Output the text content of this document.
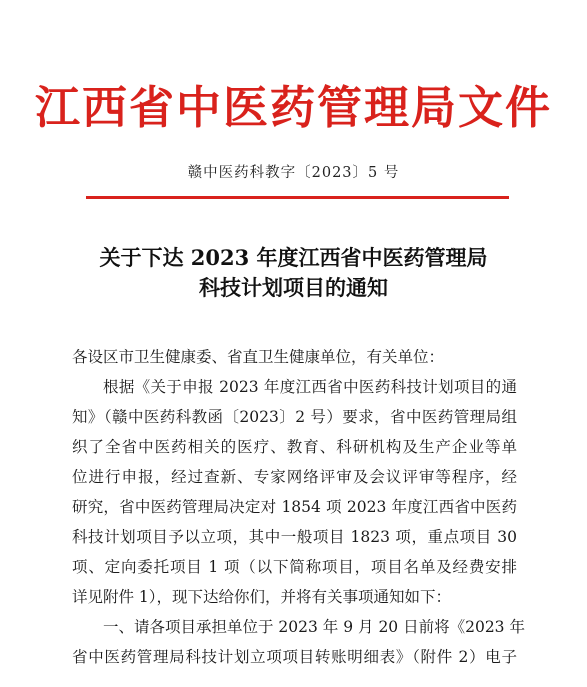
江西省中医药管理局文件
赣中医药科教字〔2023〕5 号
关于下达 2023 年度江西省中医药管理局
科技计划项目的通知
各设区市卫生健康委、省直卫生健康单位，有关单位：
根据《关于申报 2023 年度江西省中医药科技计划项目的通
知》（赣中医药科教函〔2023〕2 号）要求，省中医药管理局组
织了全省中医药相关的医疗、教育、科研机构及生产企业等单
位进行申报，经过查新、专家网络评审及会议评审等程序，经
研究，省中医药管理局决定对 1854 项 2023 年度江西省中医药
科技计划项目予以立项，其中一般项目 1823 项，重点项目 30
项、定向委托项目 1 项（以下简称项目，项目名单及经费安排
详见附件 1），现下达给你们，并将有关事项通知如下：
一、请各项目承担单位于 2023 年 9 月 20 日前将《2023 年
省中医药管理局科技计划立项项目转账明细表》（附件 2）电子
